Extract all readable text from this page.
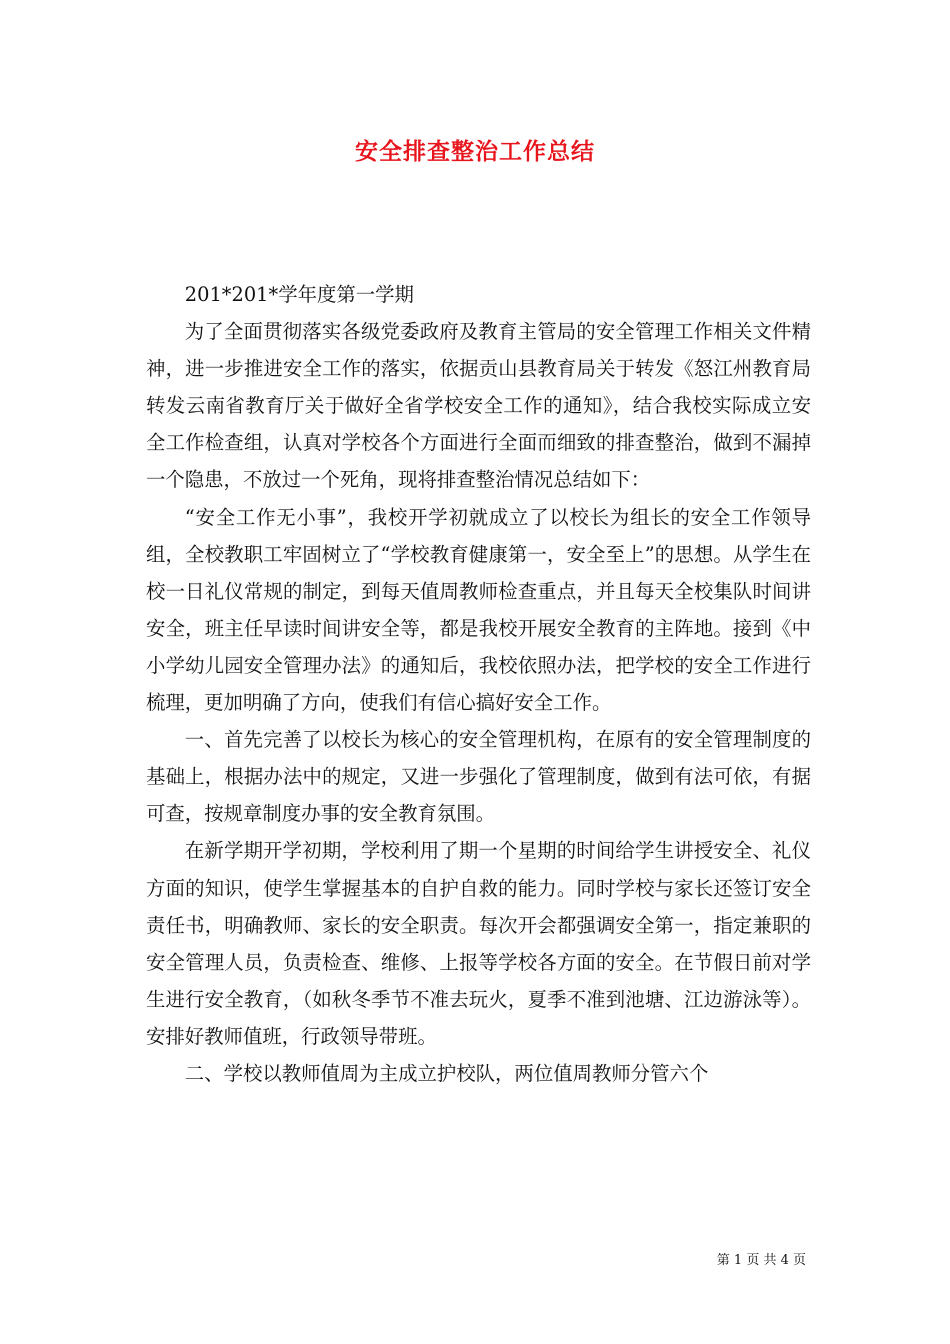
安全排查整治工作总结

201*201*学年度第一学期

为了全面贯彻落实各级党委政府及教育主管局的安全管理工作相关文件精神，进一步推进安全工作的落实，依据贡山县教育局关于转发《怒江州教育局转发云南省教育厅关于做好全省学校安全工作的通知》，结合我校实际成立安全工作检查组，认真对学校各个方面进行全面而细致的排查整治，做到不漏掉一个隐患，不放过一个死角，现将排查整治情况总结如下：

“安全工作无小事”，我校开学初就成立了以校长为组长的安全工作领导组，全校教职工牢固树立了“学校教育健康第一，安全至上”的思想。从学生在校一日礼仪常规的制定，到每天值周教师检查重点，并且每天全校集队时间讲安全，班主任早读时间讲安全等，都是我校开展安全教育的主阵地。接到《中小学幼儿园安全管理办法》的通知后，我校依照办法，把学校的安全工作进行梳理，更加明确了方向，使我们有信心搞好安全工作。

一、首先完善了以校长为核心的安全管理机构，在原有的安全管理制度的基础上，根据办法中的规定，又进一步强化了管理制度，做到有法可依，有据可查，按规章制度办事的安全教育氛围。

在新学期开学初期，学校利用了期一个星期的时间给学生讲授安全、礼仪方面的知识，使学生掌握基本的自护自救的能力。同时学校与家长还签订安全责任书，明确教师、家长的安全职责。每次开会都强调安全第一，指定兼职的安全管理人员，负责检查、维修、上报等学校各方面的安全。在节假日前对学生进行安全教育，（如秋冬季节不准去玩火，夏季不准到池塘、江边游泳等）。安排好教师值班，行政领导带班。

二、学校以教师值周为主成立护校队，两位值周教师分管六个

第 1 页 共 4 页
